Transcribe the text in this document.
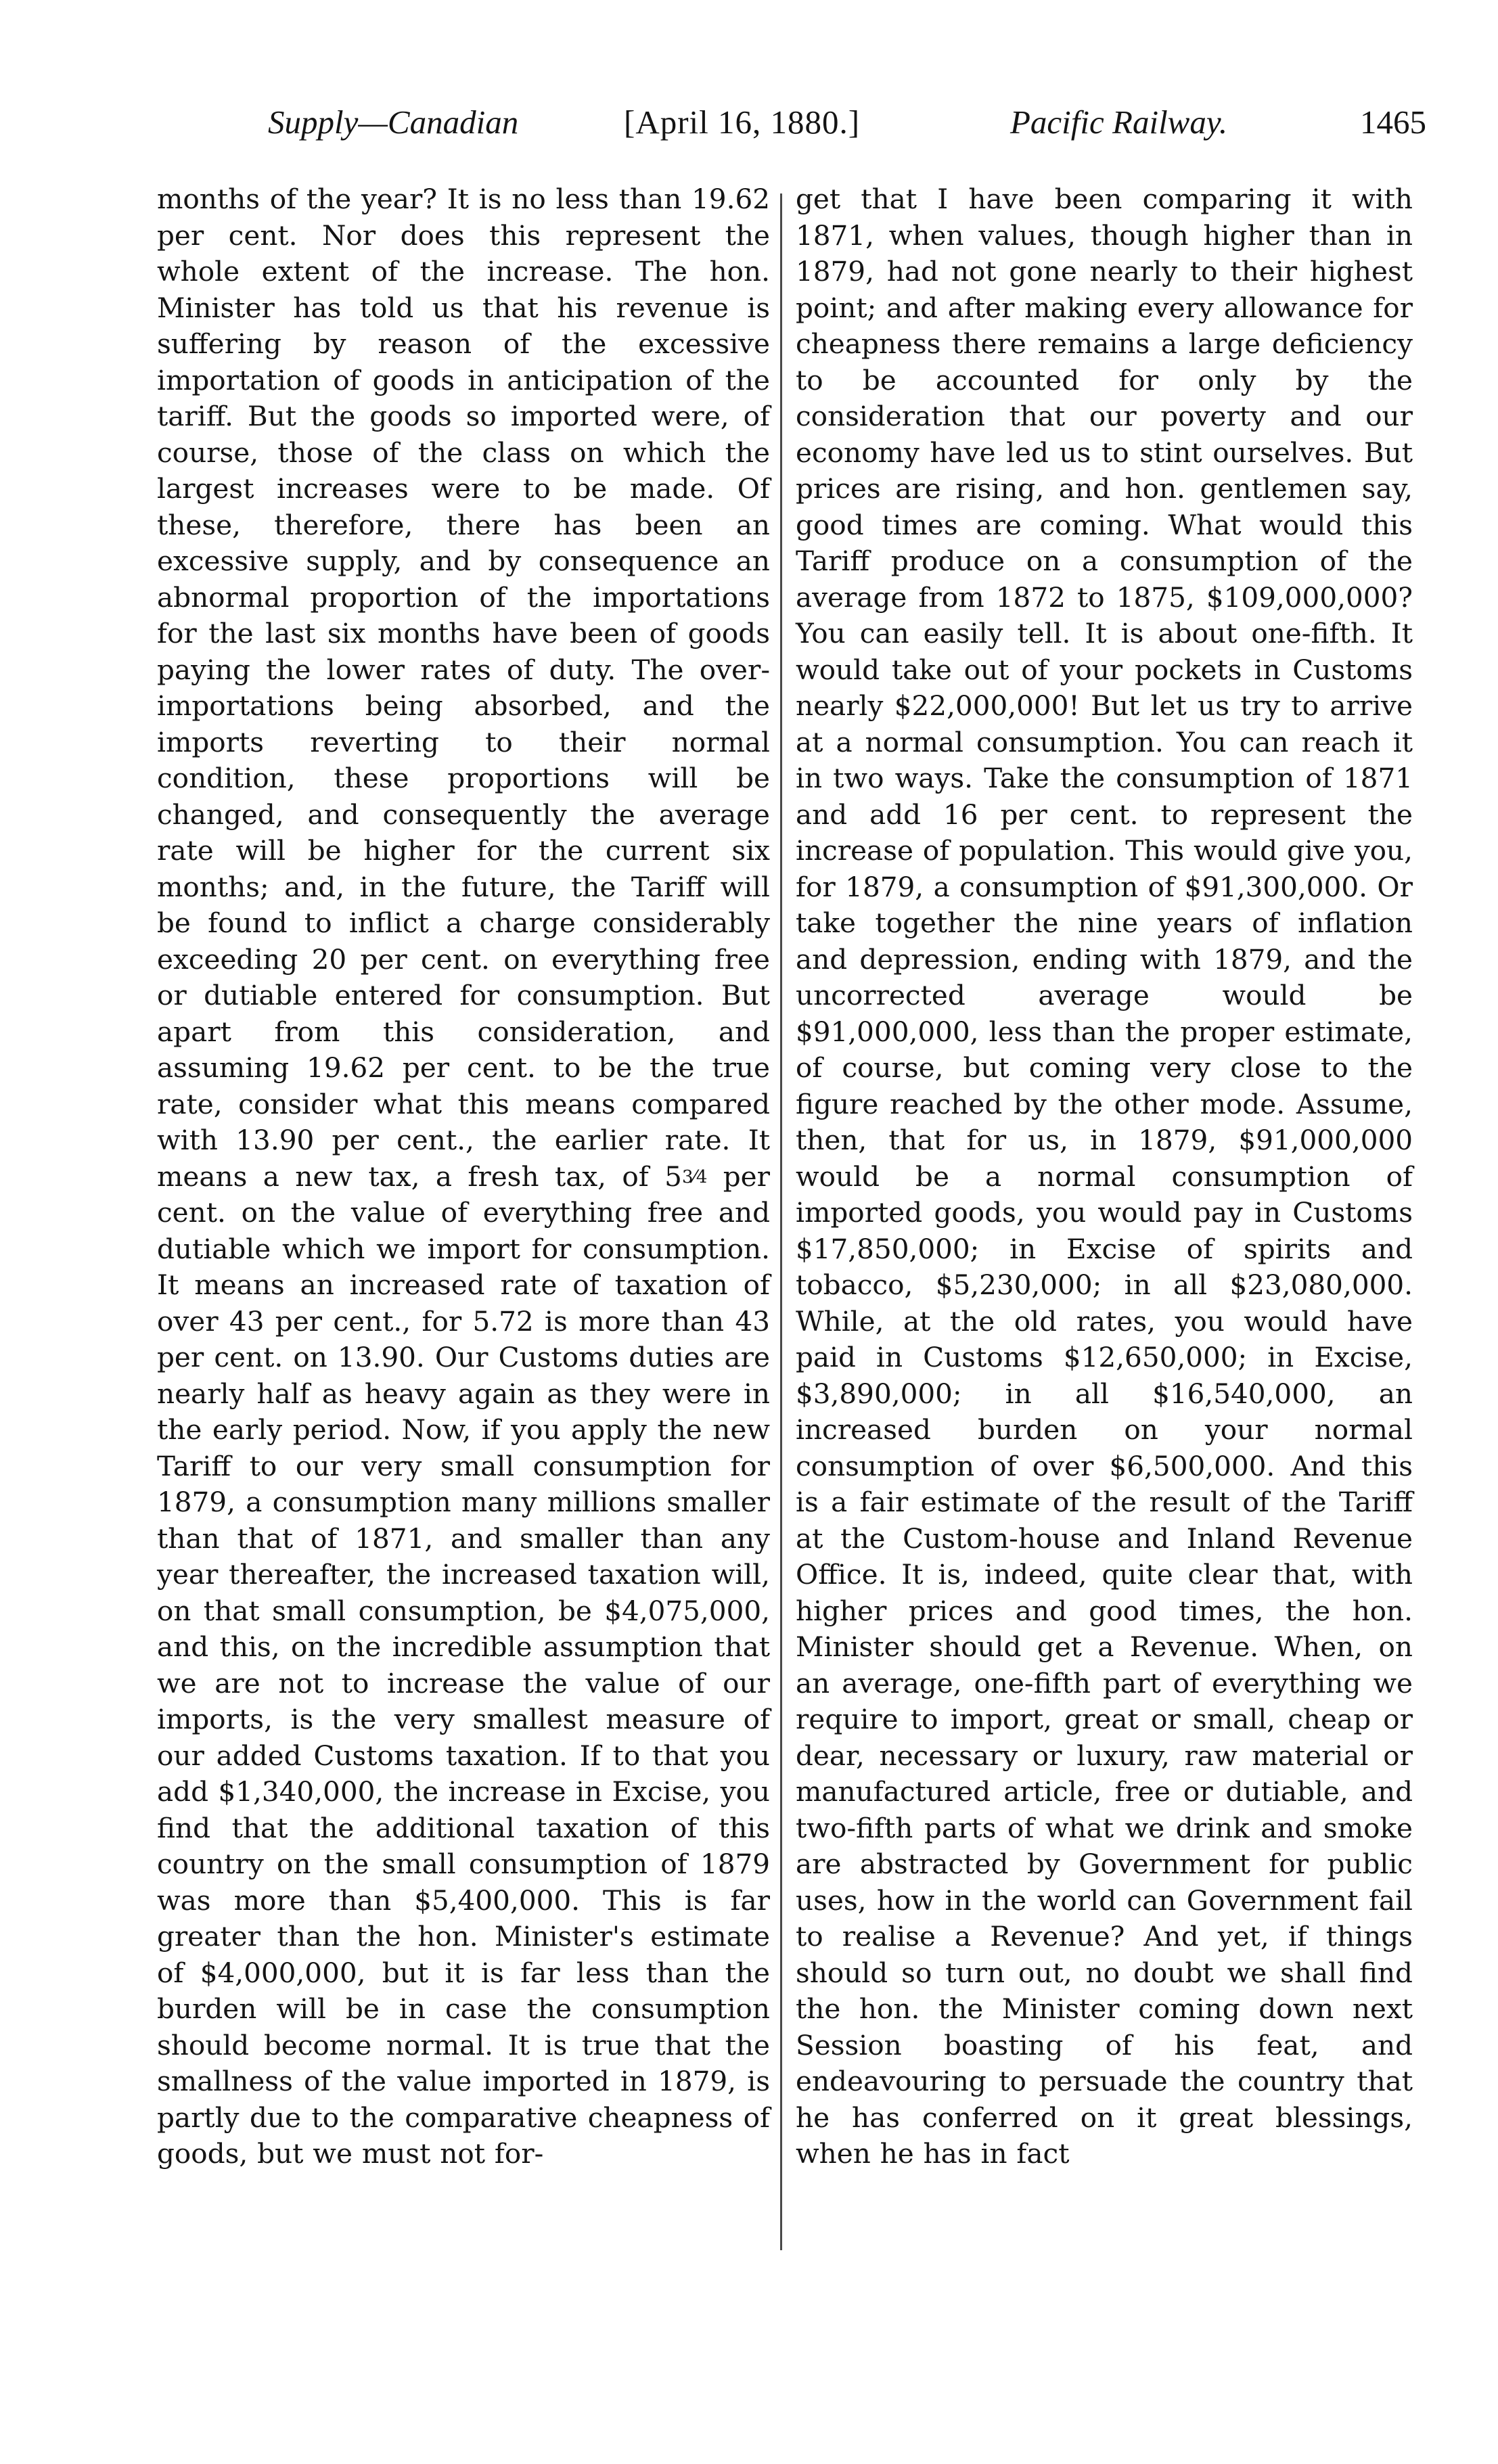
Supply—Canadian	[April 16, 1880.]	Pacific Railway.	1465
months of the year? It is no less than 19.62 per cent. Nor does this represent the whole extent of the increase. The hon. Minister has told us that his revenue is suffering by reason of the excessive importation of goods in anticipation of the tariff. But the goods so imported were, of course, those of the class on which the largest increases were to be made. Of these, therefore, there has been an excessive supply, and by consequence an abnormal proportion of the importations for the last six months have been of goods paying the lower rates of duty. The over-importations being absorbed, and the imports reverting to their normal condition, these proportions will be changed, and consequently the average rate will be higher for the current six months; and, in the future, the Tariff will be found to inflict a charge considerably exceeding 20 per cent. on everything free or dutiable entered for consumption. But apart from this consideration, and assuming 19.62 per cent. to be the true rate, consider what this means compared with 13.90 per cent., the earlier rate. It means a new tax, a fresh tax, of 53⁄4 per cent. on the value of everything free and dutiable which we import for consumption. It means an increased rate of taxation of over 43 per cent., for 5.72 is more than 43 per cent. on 13.90. Our Customs duties are nearly half as heavy again as they were in the early period. Now, if you apply the new Tariff to our very small consumption for 1879, a consumption many millions smaller than that of 1871, and smaller than any year thereafter, the increased taxation will, on that small consumption, be $4,075,000, and this, on the incredible assumption that we are not to increase the value of our imports, is the very smallest measure of our added Customs taxation. If to that you add $1,340,000, the increase in Excise, you find that the additional taxation of this country on the small consumption of 1879 was more than $5,400,000. This is far greater than the hon. Minister's estimate of $4,000,000, but it is far less than the burden will be in case the consumption should become normal. It is true that the smallness of the value imported in 1879, is partly due to the comparative cheapness of goods, but we must not for-
get that I have been comparing it with 1871, when values, though higher than in 1879, had not gone nearly to their highest point; and after making every allowance for cheapness there remains a large deficiency to be accounted for only by the consideration that our poverty and our economy have led us to stint ourselves. But prices are rising, and hon. gentlemen say, good times are coming. What would this Tariff produce on a consumption of the average from 1872 to 1875, $109,000,000? You can easily tell. It is about one-fifth. It would take out of your pockets in Customs nearly $22,000,000! But let us try to arrive at a normal consumption. You can reach it in two ways. Take the consumption of 1871 and add 16 per cent. to represent the increase of population. This would give you, for 1879, a consumption of $91,300,000. Or take together the nine years of inflation and depression, ending with 1879, and the uncorrected average would be $91,000,000, less than the proper estimate, of course, but coming very close to the figure reached by the other mode. Assume, then, that for us, in 1879, $91,000,000 would be a normal consumption of imported goods, you would pay in Customs $17,850,000; in Excise of spirits and tobacco, $5,230,000; in all $23,080,000. While, at the old rates, you would have paid in Customs $12,650,000; in Excise, $3,890,000; in all $16,540,000, an increased burden on your normal consumption of over $6,500,000. And this is a fair estimate of the result of the Tariff at the Custom-house and Inland Revenue Office. It is, indeed, quite clear that, with higher prices and good times, the hon. Minister should get a Revenue. When, on an average, one-fifth part of everything we require to import, great or small, cheap or dear, necessary or luxury, raw material or manufactured article, free or dutiable, and two-fifth parts of what we drink and smoke are abstracted by Government for public uses, how in the world can Government fail to realise a Revenue? And yet, if things should so turn out, no doubt we shall find the hon. the Minister coming down next Session boasting of his feat, and endeavouring to persuade the country that he has conferred on it great blessings, when he has in fact
